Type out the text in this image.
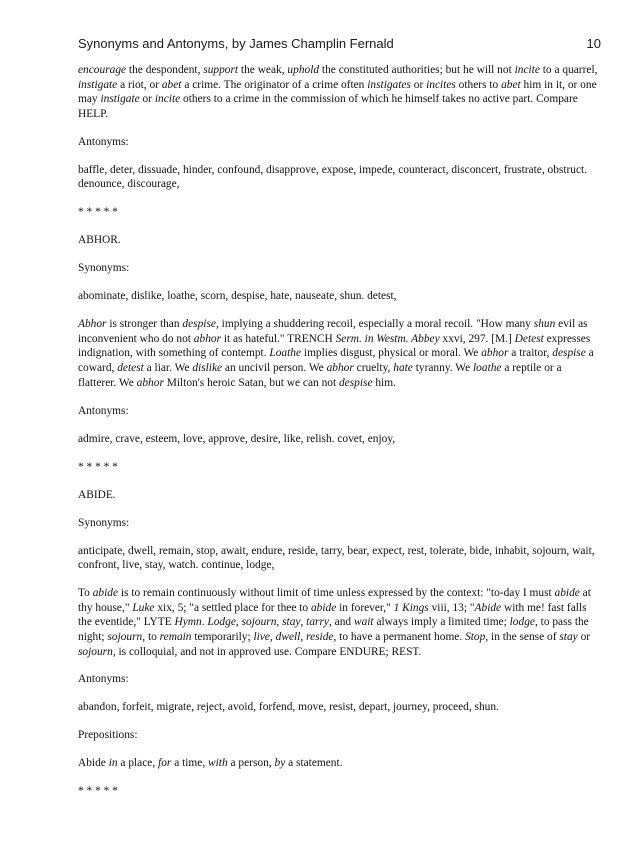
Synonyms and Antonyms, by James Champlin Fernald	10

encourage the despondent, support the weak, uphold the constituted authorities; but he will not incite to a quarrel, instigate a riot, or abet a crime. The originator of a crime often instigates or incites others to abet him in it, or one may instigate or incite others to a crime in the commission of which he himself takes no active part. Compare HELP.

Antonyms:

baffle, deter, dissuade, hinder, confound, disapprove, expose, impede, counteract, disconcert, frustrate, obstruct. denounce, discourage,

* * * * *

ABHOR.

Synonyms:

abominate, dislike, loathe, scorn, despise, hate, nauseate, shun. detest,

Abhor is stronger than despise, implying a shuddering recoil, especially a moral recoil. "How many shun evil as inconvenient who do not abhor it as hateful." TRENCH Serm. in Westm. Abbey xxvi, 297. [M.] Detest expresses indignation, with something of contempt. Loathe implies disgust, physical or moral. We abhor a traitor, despise a coward, detest a liar. We dislike an uncivil person. We abhor cruelty, hate tyranny. We loathe a reptile or a flatterer. We abhor Milton's heroic Satan, but we can not despise him.

Antonyms:

admire, crave, esteem, love, approve, desire, like, relish. covet, enjoy,

* * * * *

ABIDE.

Synonyms:

anticipate, dwell, remain, stop, await, endure, reside, tarry, bear, expect, rest, tolerate, bide, inhabit, sojourn, wait, confront, live, stay, watch. continue, lodge,

To abide is to remain continuously without limit of time unless expressed by the context: "to-day I must abide at thy house," Luke xix, 5; "a settled place for thee to abide in forever," 1 Kings viii, 13; "Abide with me! fast falls the eventide," LYTE Hymn. Lodge, sojourn, stay, tarry, and wait always imply a limited time; lodge, to pass the night; sojourn, to remain temporarily; live, dwell, reside, to have a permanent home. Stop, in the sense of stay or sojourn, is colloquial, and not in approved use. Compare ENDURE; REST.

Antonyms:

abandon, forfeit, migrate, reject, avoid, forfend, move, resist, depart, journey, proceed, shun.

Prepositions:

Abide in a place, for a time, with a person, by a statement.

* * * * *
